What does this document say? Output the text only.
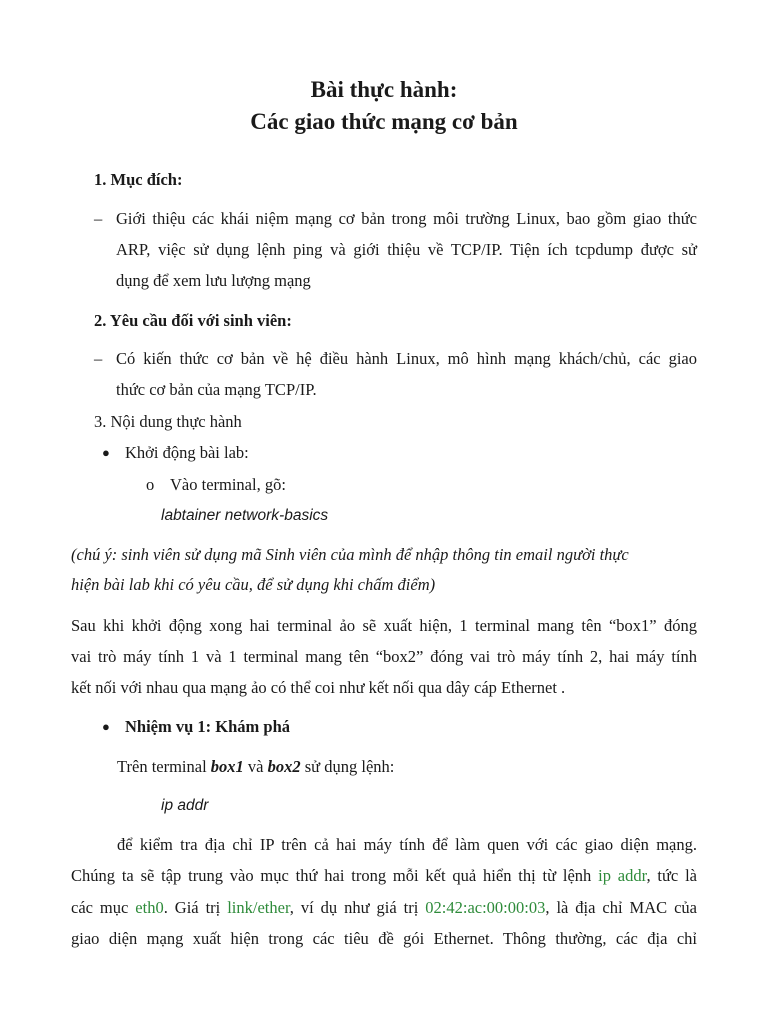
Bài thực hành:
Các giao thức mạng cơ bản
1. Mục đích:
– Giới thiệu các khái niệm mạng cơ bản trong môi trường Linux, bao gồm giao thức
ARP, việc sử dụng lệnh ping và giới thiệu về TCP/IP. Tiện ích tcpdump được sử
dụng để xem lưu lượng mạng
2. Yêu cầu đối với sinh viên:
– Có kiến thức cơ bản về hệ điều hành Linux, mô hình mạng khách/chủ, các giao
thức cơ bản của mạng TCP/IP.
3. Nội dung thực hành
● Khởi động bài lab:
o Vào terminal, gõ:
labtainer network-basics
(chú ý: sinh viên sử dụng mã Sinh viên của mình để nhập thông tin email người thực
hiện bài lab khi có yêu cầu, để sử dụng khi chấm điểm)
Sau khi khởi động xong hai terminal ảo sẽ xuất hiện, 1 terminal mang tên “box1” đóng
vai trò máy tính 1 và 1 terminal mang tên “box2” đóng vai trò máy tính 2, hai máy tính
kết nối với nhau qua mạng ảo có thể coi như kết nối qua dây cáp Ethernet .
● Nhiệm vụ 1: Khám phá
Trên terminal box1 và box2 sử dụng lệnh:
ip addr
để kiểm tra địa chỉ IP trên cả hai máy tính để làm quen với các giao diện mạng.
Chúng ta sẽ tập trung vào mục thứ hai trong mỗi kết quả hiển thị từ lệnh ip addr, tức là
các mục eth0. Giá trị link/ether, ví dụ như giá trị 02:42:ac:00:00:03, là địa chỉ MAC của
giao diện mạng xuất hiện trong các tiêu đề gói Ethernet. Thông thường, các địa chỉ
